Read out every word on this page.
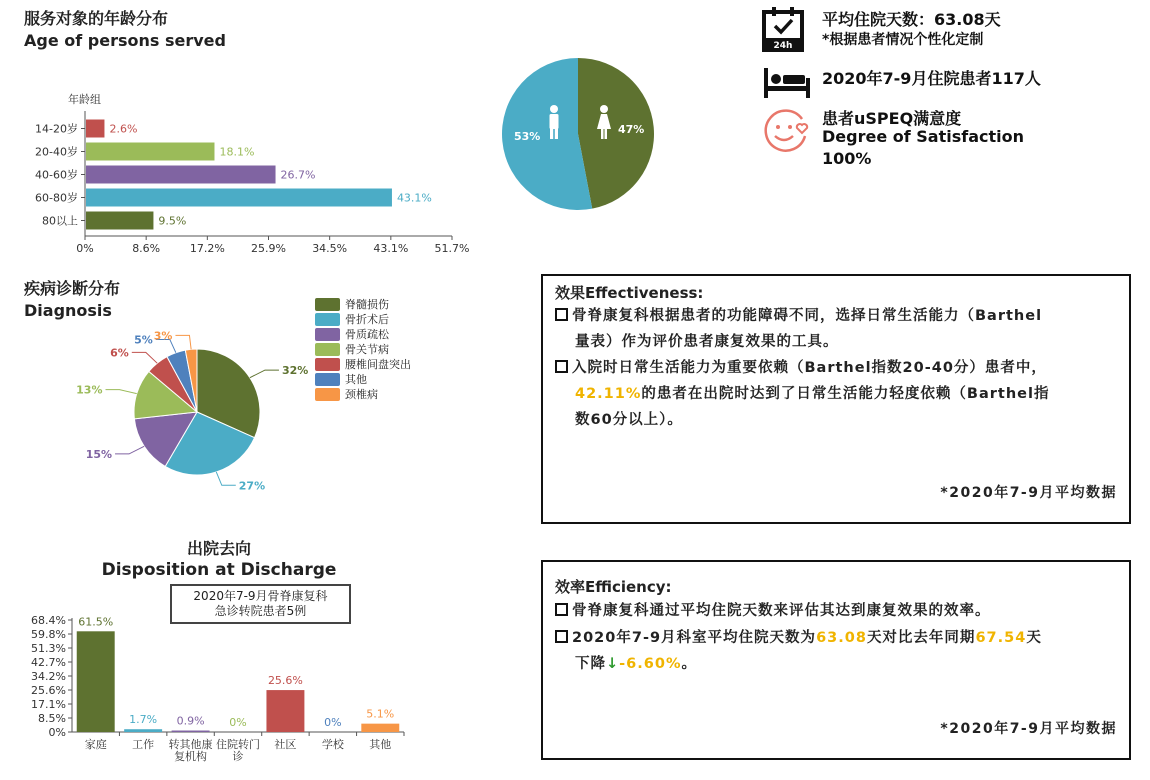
服务对象的年龄分布
Age of persons served
疾病诊断分布
Diagnosis
出院去向
Disposition at Discharge
年龄组
0%	8.6%	17.2% 25.9% 34.5% 43.1% 51.7%
14-20岁	2.6%
20-40岁	18.1%
40-60岁	26.7%
60-80岁	43.1%
80以上	9.5%
53%
47%
24h
平均住院天数：63.08天
*根据患者情况个性化定制
2020年7-9月住院患者117人
患者uSPEQ满意度
Degree of Satisfaction
100%
32%
27%
15%
13%
6%
5% 3%
脊髓损伤
骨折术后
骨质疏松
骨关节病
腰椎间盘突出
其他
颈椎病
2020年7-9月骨脊康复科
急诊转院患者5例
0%
8.5%
17.1%
25.6%
34.2%
42.7%
51.3%
59.8%
68.4% 61.5%
家庭
1.7%
工作
0.9%
转其他康复机构
0%
住院转门诊
25.6%
社区
0%
学校
5.1%
其他
效果Effectiveness:
骨脊康复科根据患者的功能障碍不同，选择日常生活能力（Barthel
量表）作为评价患者康复效果的工具。
入院时日常生活能力为重要依赖（Barthel指数20-40分）患者中，
42.11%的患者在出院时达到了日常生活能力轻度依赖（Barthel指
数60分以上）。
*2020年7-9月平均数据
效率Efficiency:
骨脊康复科通过平均住院天数来评估其达到康复效果的效率。
2020年7-9月科室平均住院天数为63.08天对比去年同期67.54天
下降↓-6.60%。
*2020年7-9月平均数据
